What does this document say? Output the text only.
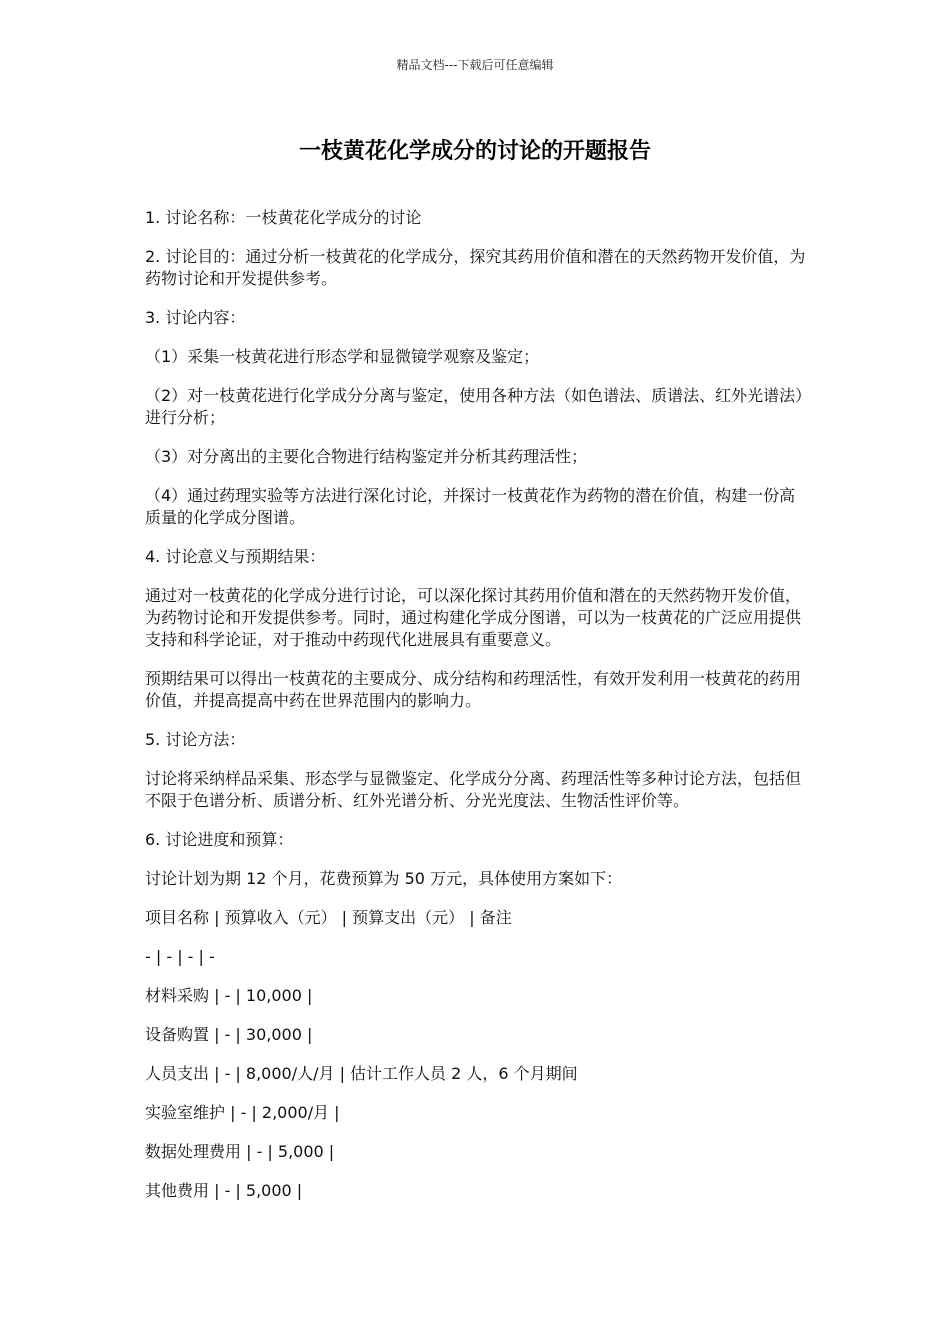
精品文档---下载后可任意编辑
一枝黄花化学成分的讨论的开题报告

1. 讨论名称：一枝黄花化学成分的讨论

2. 讨论目的：通过分析一枝黄花的化学成分，探究其药用价值和潜在的天然药物开发价值，为药物讨论和开发提供参考。

3. 讨论内容：

（1）采集一枝黄花进行形态学和显微镜学观察及鉴定；

（2）对一枝黄花进行化学成分分离与鉴定，使用各种方法（如色谱法、质谱法、红外光谱法）进行分析；

（3）对分离出的主要化合物进行结构鉴定并分析其药理活性；

（4）通过药理实验等方法进行深化讨论，并探讨一枝黄花作为药物的潜在价值，构建一份高质量的化学成分图谱。

4. 讨论意义与预期结果：

通过对一枝黄花的化学成分进行讨论，可以深化探讨其药用价值和潜在的天然药物开发价值，为药物讨论和开发提供参考。同时，通过构建化学成分图谱，可以为一枝黄花的广泛应用提供支持和科学论证，对于推动中药现代化进展具有重要意义。

预期结果可以得出一枝黄花的主要成分、成分结构和药理活性，有效开发利用一枝黄花的药用价值，并提高提高中药在世界范围内的影响力。

5. 讨论方法：

讨论将采纳样品采集、形态学与显微鉴定、化学成分分离、药理活性等多种讨论方法，包括但不限于色谱分析、质谱分析、红外光谱分析、分光光度法、生物活性评价等。

6. 讨论进度和预算：

讨论计划为期 12 个月，花费预算为 50 万元，具体使用方案如下：

项目名称 | 预算收入（元） | 预算支出（元） | 备注

- | - | - | -

材料采购 | - | 10,000 |

设备购置 | - | 30,000 |

人员支出 | - | 8,000/人/月 | 估计工作人员 2 人，6 个月期间

实验室维护 | - | 2,000/月 |

数据处理费用 | - | 5,000 |

其他费用 | - | 5,000 |
